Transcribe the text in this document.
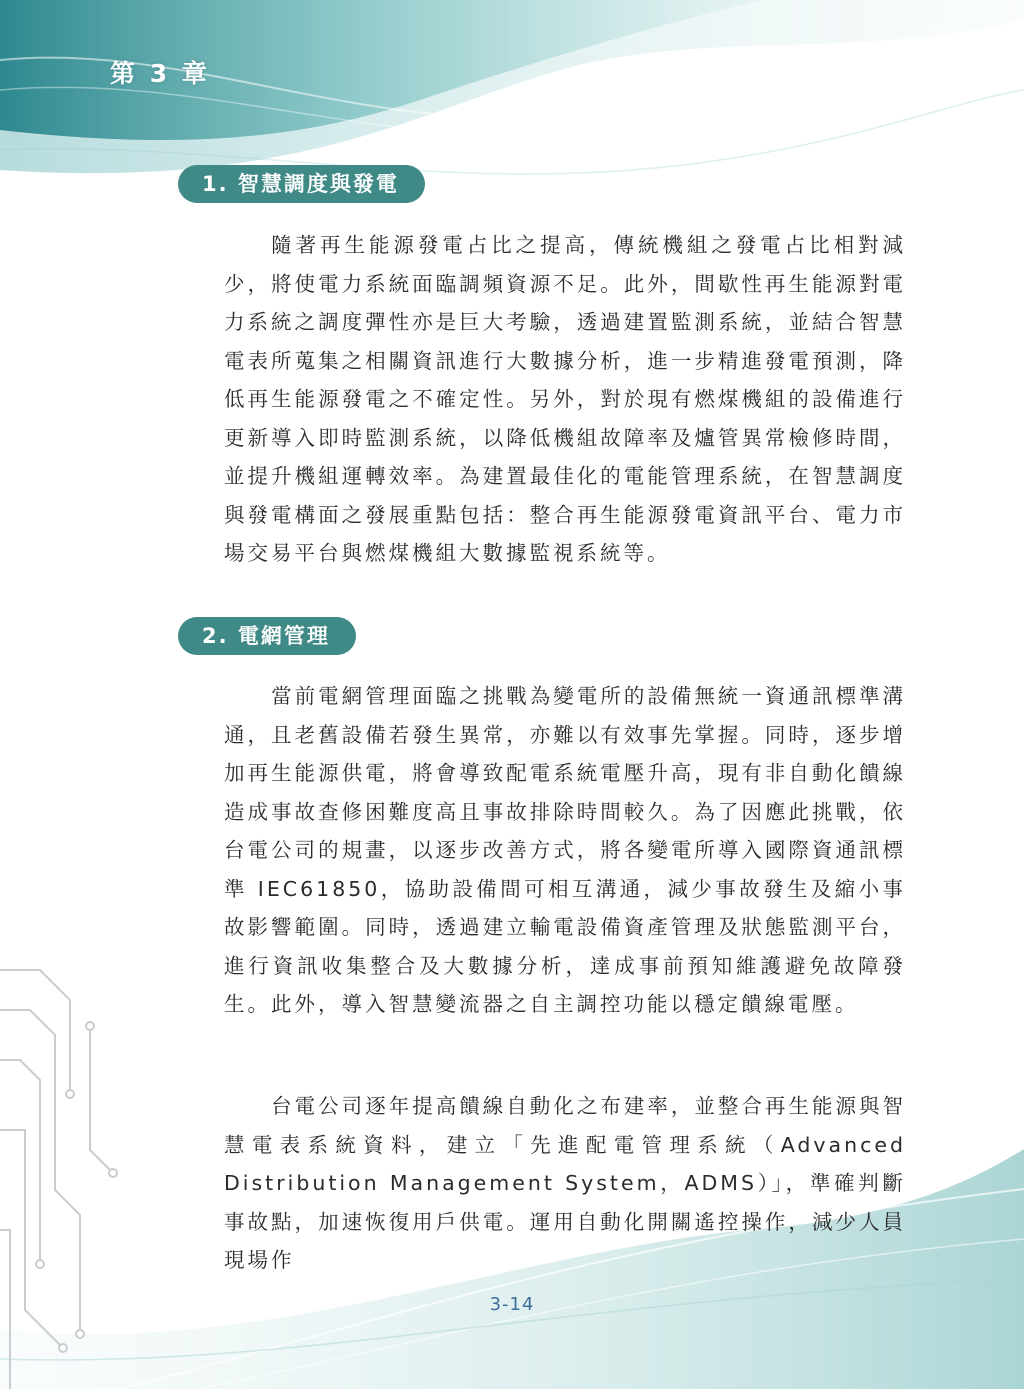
第 3 章
1. 智慧調度與發電

隨著再生能源發電占比之提高，傳統機組之發電占比相對減少，將使電力系統面臨調頻資源不足。此外，間歇性再生能源對電力系統之調度彈性亦是巨大考驗，透過建置監測系統，並結合智慧電表所蒐集之相關資訊進行大數據分析，進一步精進發電預測，降低再生能源發電之不確定性。另外，對於現有燃煤機組的設備進行更新導入即時監測系統，以降低機組故障率及爐管異常檢修時間，並提升機組運轉效率。為建置最佳化的電能管理系統，在智慧調度與發電構面之發展重點包括：整合再生能源發電資訊平台、電力市場交易平台與燃煤機組大數據監視系統等。

2. 電網管理

當前電網管理面臨之挑戰為變電所的設備無統一資通訊標準溝通，且老舊設備若發生異常，亦難以有效事先掌握。同時，逐步增加再生能源供電，將會導致配電系統電壓升高，現有非自動化饋線造成事故查修困難度高且事故排除時間較久。為了因應此挑戰，依台電公司的規畫，以逐步改善方式，將各變電所導入國際資通訊標準 IEC61850，協助設備間可相互溝通，減少事故發生及縮小事故影響範圍。同時，透過建立輸電設備資產管理及狀態監測平台，進行資訊收集整合及大數據分析，達成事前預知維護避免故障發生。此外，導入智慧變流器之自主調控功能以穩定饋線電壓。

台電公司逐年提高饋線自動化之布建率，並整合再生能源與智慧電表系統資料，建立「先進配電管理系統（Advanced Distribution Management System，ADMS）」，準確判斷事故點，加速恢復用戶供電。運用自動化開關遙控操作，減少人員現場作

3-14
